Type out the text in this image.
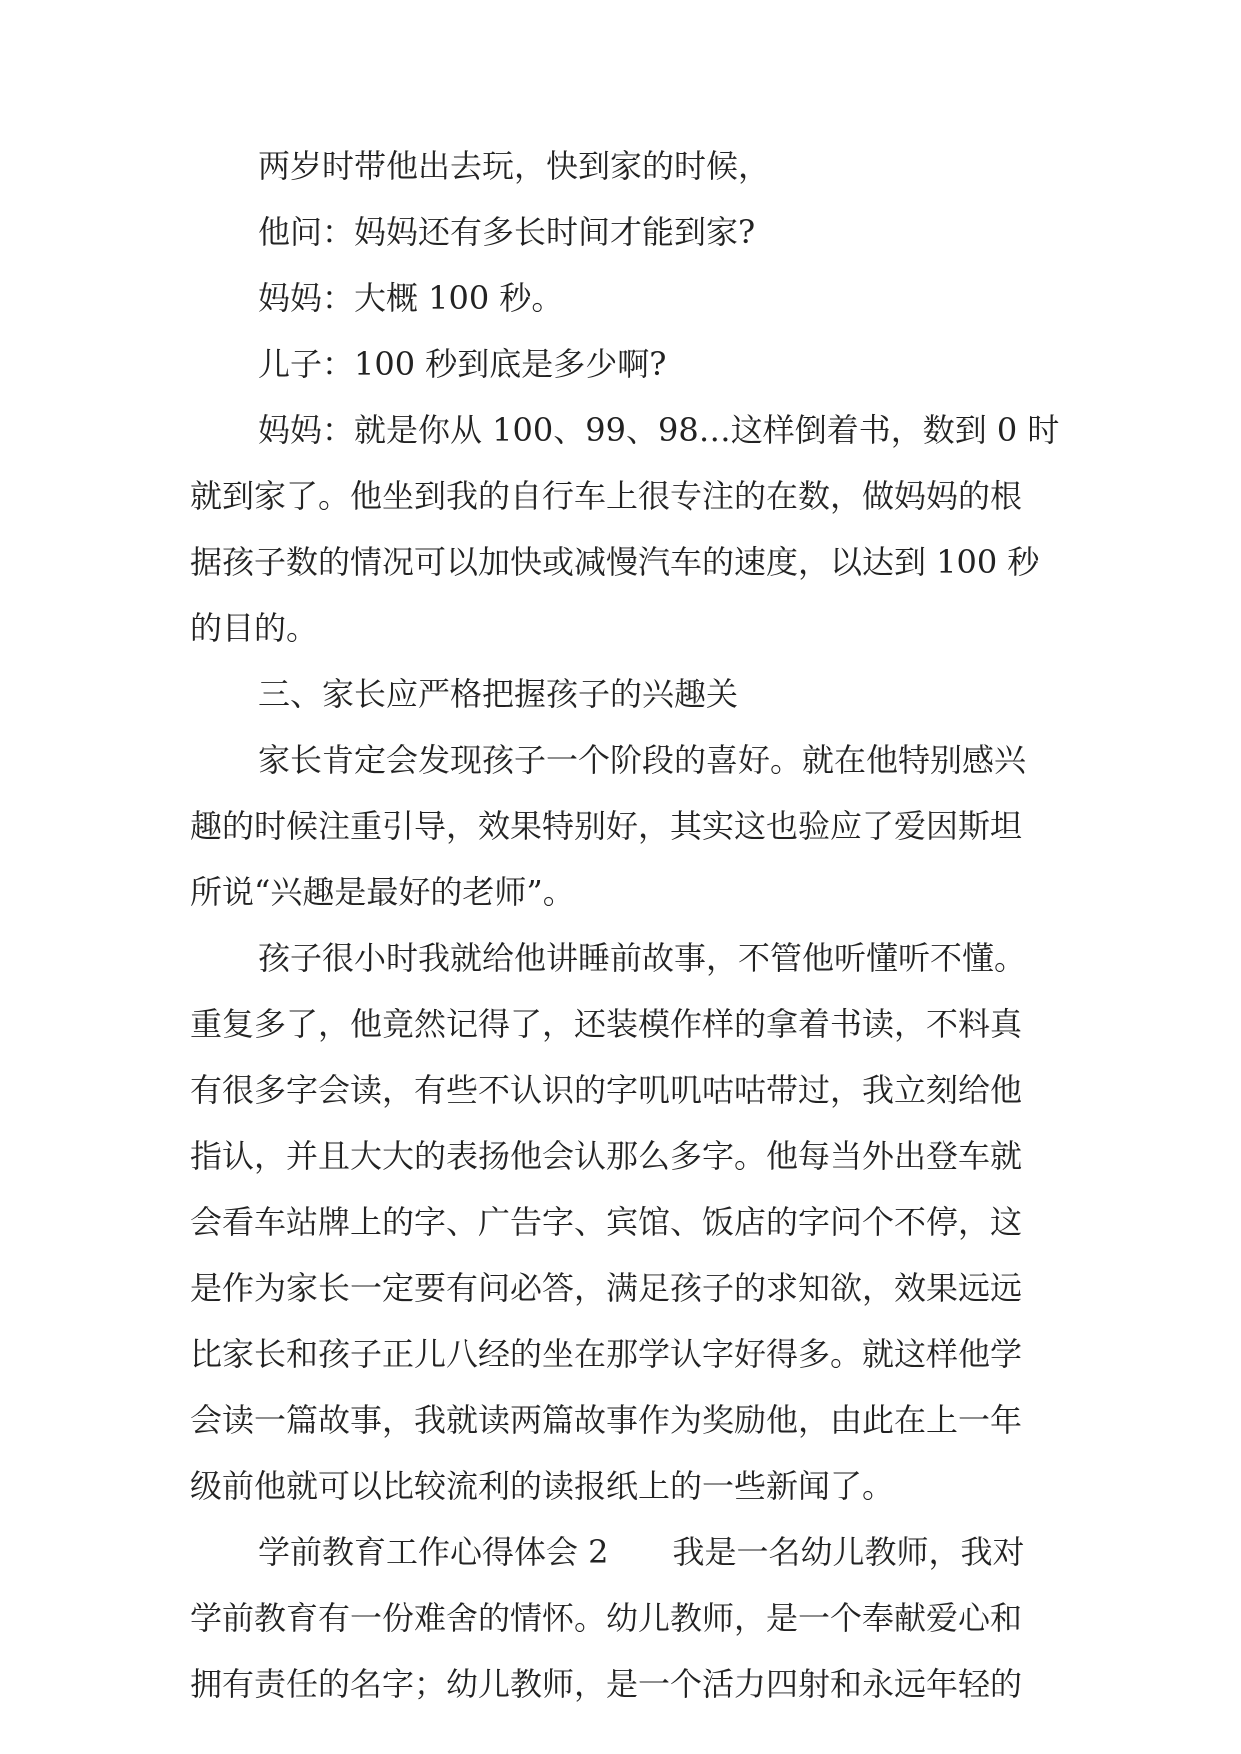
两岁时带他出去玩，快到家的时候，

他问：妈妈还有多长时间才能到家?

妈妈：大概 100 秒。

儿子：100 秒到底是多少啊?

妈妈：就是你从 100、99、98…这样倒着书，数到 0 时

就到家了。他坐到我的自行车上很专注的在数，做妈妈的根

据孩子数的情况可以加快或减慢汽车的速度，以达到 100 秒

的目的。

三、家长应严格把握孩子的兴趣关

家长肯定会发现孩子一个阶段的喜好。就在他特别感兴

趣的时候注重引导，效果特别好，其实这也验应了爱因斯坦

所说“兴趣是最好的老师”。

孩子很小时我就给他讲睡前故事，不管他听懂听不懂。

重复多了，他竟然记得了，还装模作样的拿着书读，不料真

有很多字会读，有些不认识的字叽叽咕咕带过，我立刻给他

指认，并且大大的表扬他会认那么多字。他每当外出登车就

会看车站牌上的字、广告字、宾馆、饭店的字问个不停，这

是作为家长一定要有问必答，满足孩子的求知欲，效果远远

比家长和孩子正儿八经的坐在那学认字好得多。就这样他学

会读一篇故事，我就读两篇故事作为奖励他，由此在上一年

级前他就可以比较流利的读报纸上的一些新闻了。

学前教育工作心得体会 2　　我是一名幼儿教师，我对

学前教育有一份难舍的情怀。幼儿教师，是一个奉献爱心和

拥有责任的名字；幼儿教师，是一个活力四射和永远年轻的
